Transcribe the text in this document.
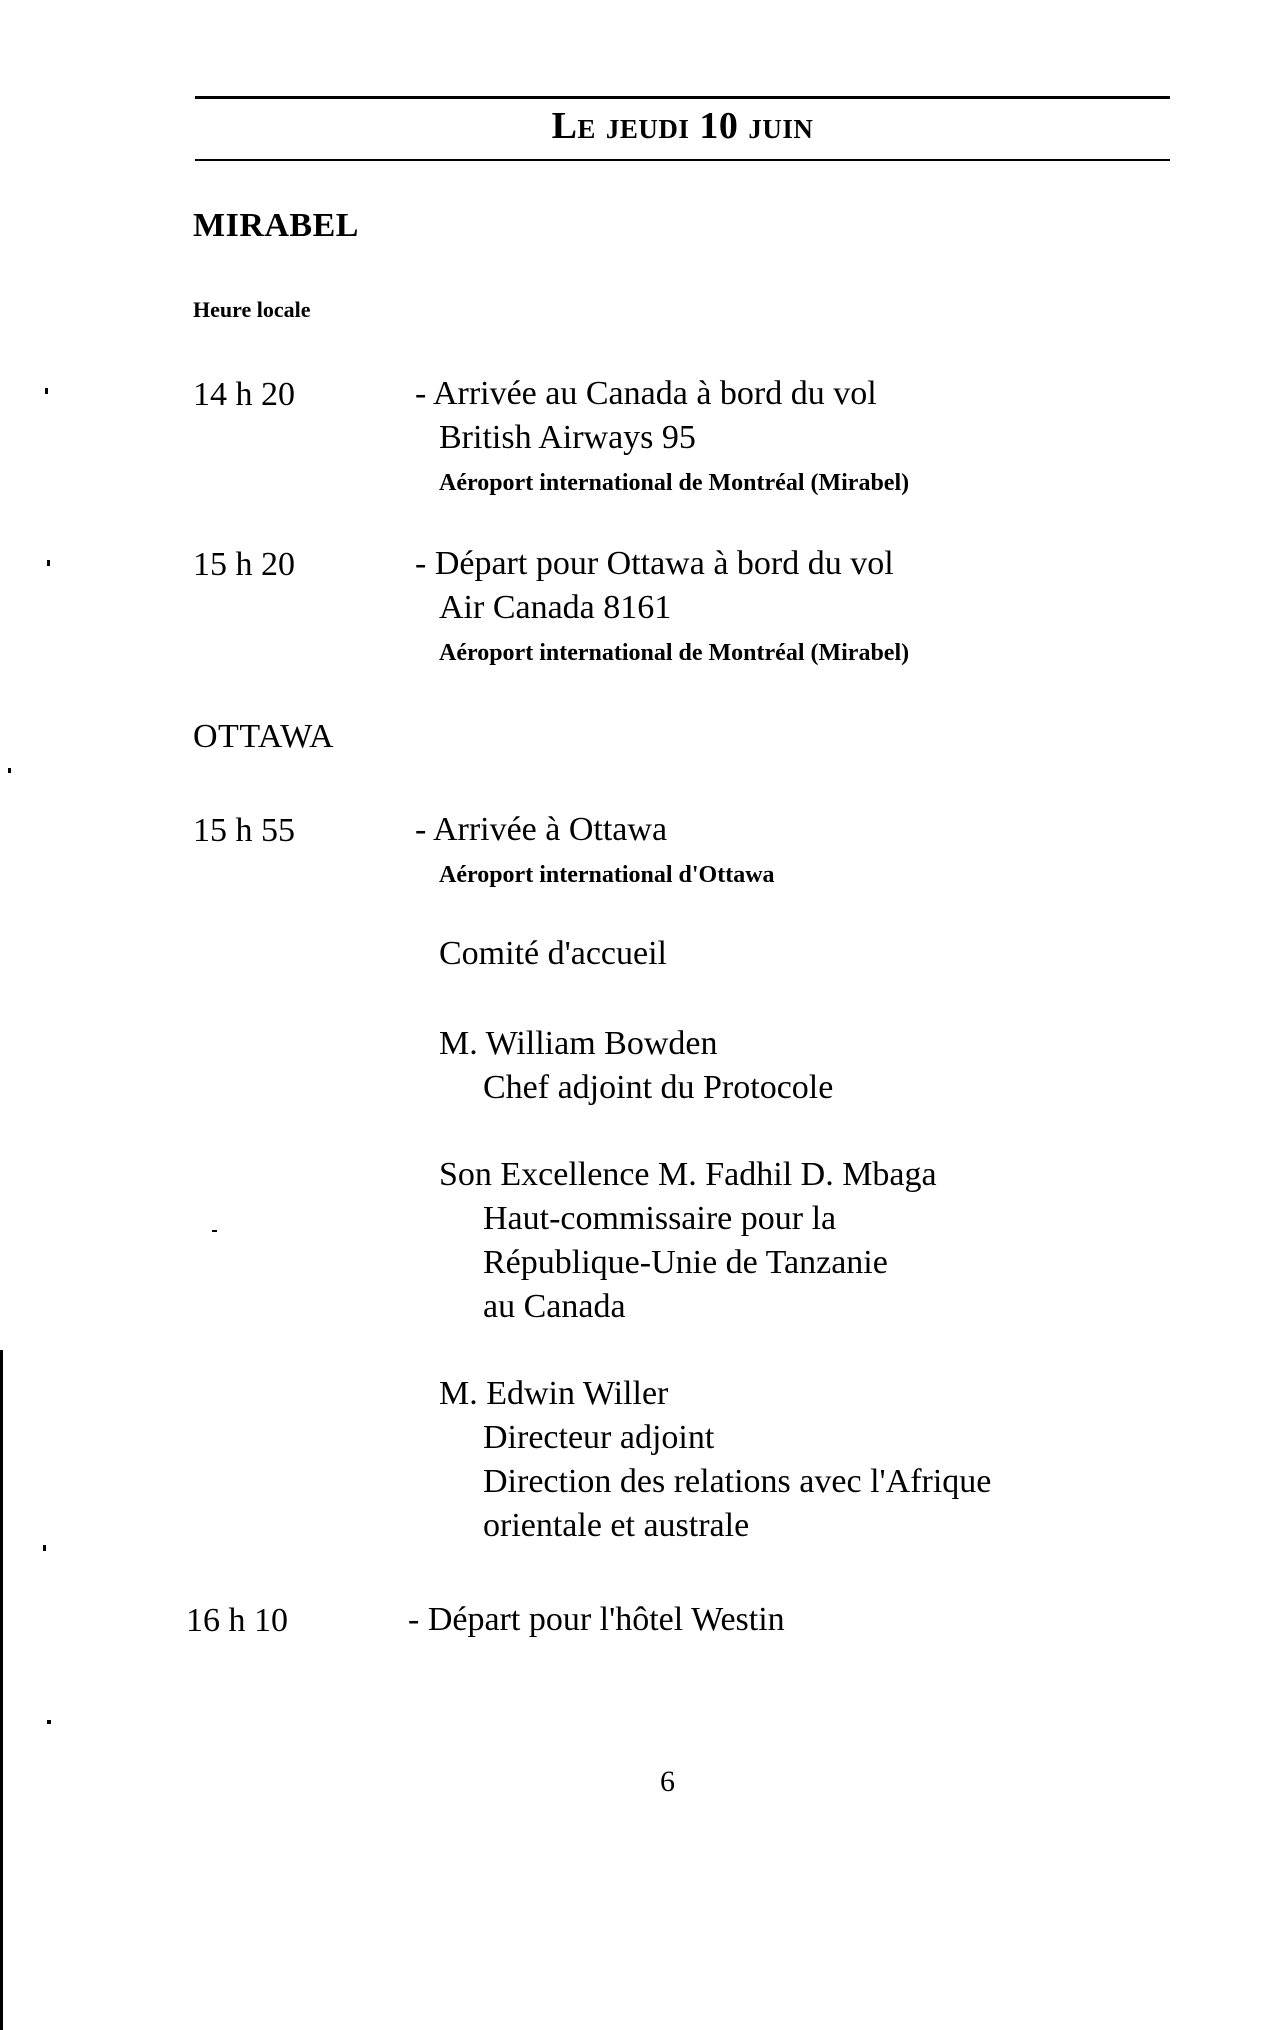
Le jeudi 10 juin
MIRABEL
Heure locale
14 h 20	- Arrivée au Canada à bord du vol
British Airways 95
Aéroport international de Montréal (Mirabel)
15 h 20	- Départ pour Ottawa à bord du vol
Air Canada 8161
Aéroport international de Montréal (Mirabel)
OTTAWA
15 h 55	- Arrivée à Ottawa
Aéroport international d'Ottawa
Comité d'accueil
M. William Bowden
Chef adjoint du Protocole
Son Excellence M. Fadhil D. Mbaga
Haut-commissaire pour la
République-Unie de Tanzanie
au Canada
M. Edwin Willer
Directeur adjoint
Direction des relations avec l'Afrique
orientale et australe
16 h 10	- Départ pour l'hôtel Westin
6
